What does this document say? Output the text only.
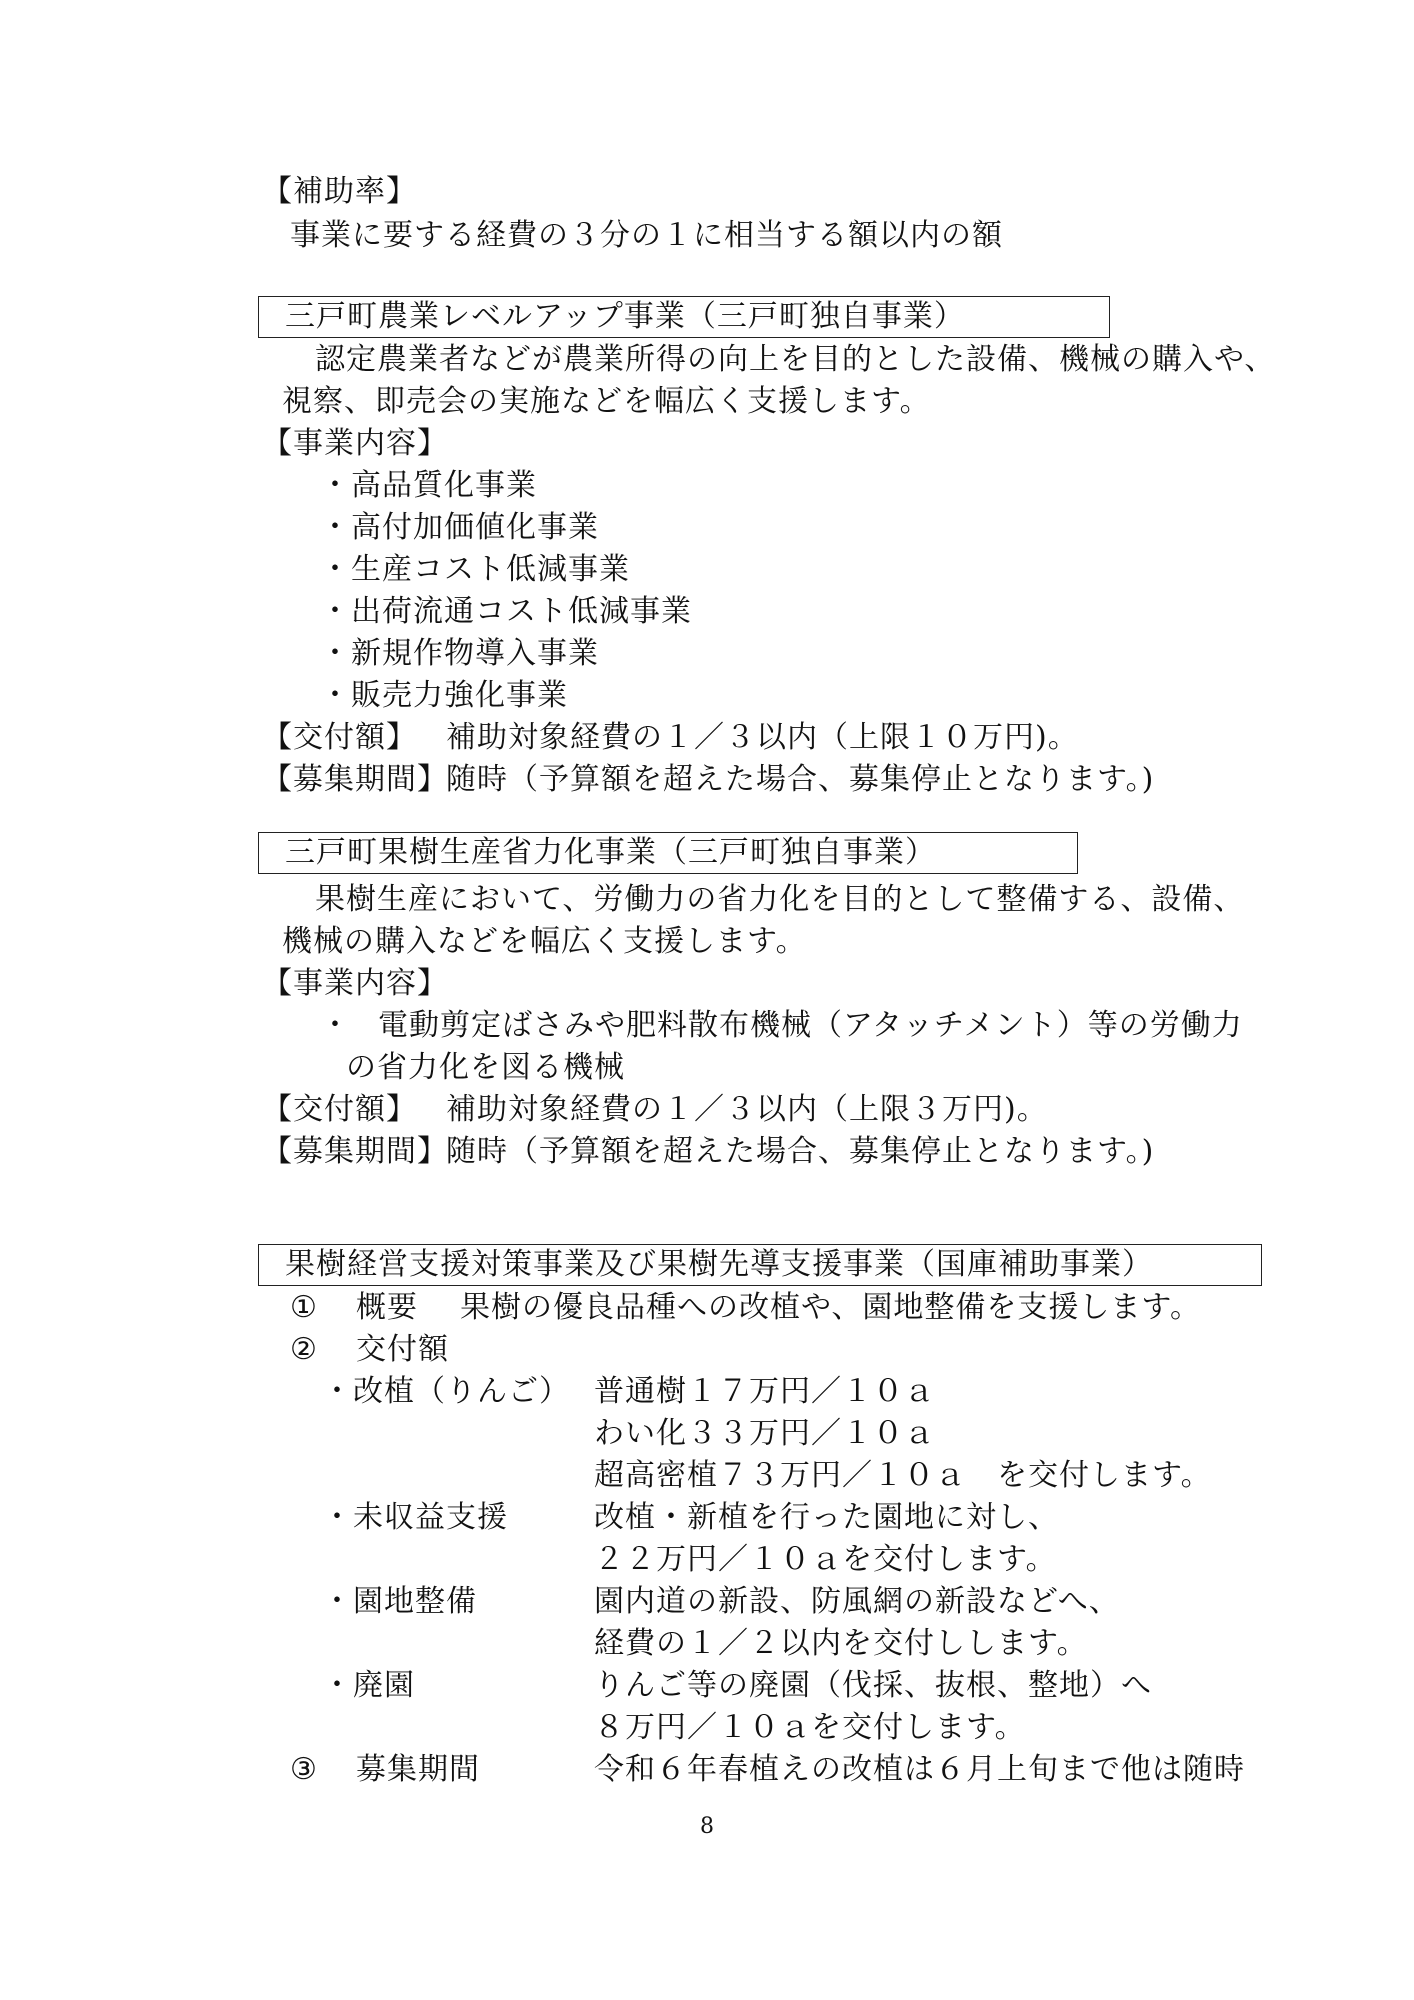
【補助率】
事業に要する経費の３分の１に相当する額以内の額
三戸町農業レベルアップ事業（三戸町独自事業）
認定農業者などが農業所得の向上を目的とした設備、機械の購入や、
視察、即売会の実施などを幅広く支援します。
【事業内容】
・高品質化事業
・高付加価値化事業
・生産コスト低減事業
・出荷流通コスト低減事業
・新規作物導入事業
・販売力強化事業
【交付額】 補助対象経費の１／３以内（上限１０万円)。
【募集期間】
随時（予算額を超えた場合、募集停止となります。)
三戸町果樹生産省力化事業（三戸町独自事業）
果樹生産において、労働力の省力化を目的として整備する、設備、
機械の購入などを幅広く支援します。
【事業内容】
・ 電動剪定ばさみや肥料散布機械（アタッチメント）等の労働力
の省力化を図る機械
【交付額】 補助対象経費の１／３以内（上限３万円)。
【募集期間】
随時（予算額を超えた場合、募集停止となります。)
果樹経営支援対策事業及び果樹先導支援事業（国庫補助事業）
① 概要 果樹の優良品種への改植や、園地整備を支援します。
② 交付額
・改植（りんご） 普通樹１７万円／１０ａ
わい化３３万円／１０ａ
超高密植７３万円／１０ａ　を交付します。
・未収益支援	改植・新植を行った園地に対し、
２２万円／１０ａを交付します。
・園地整備	園内道の新設、防風網の新設などへ、
経費の１／２以内を交付しします。
・廃園	りんご等の廃園（伐採、抜根、整地）へ
８万円／１０ａを交付します。
③ 募集期間	令和６年春植えの改植は６月上旬まで他は随時
8
